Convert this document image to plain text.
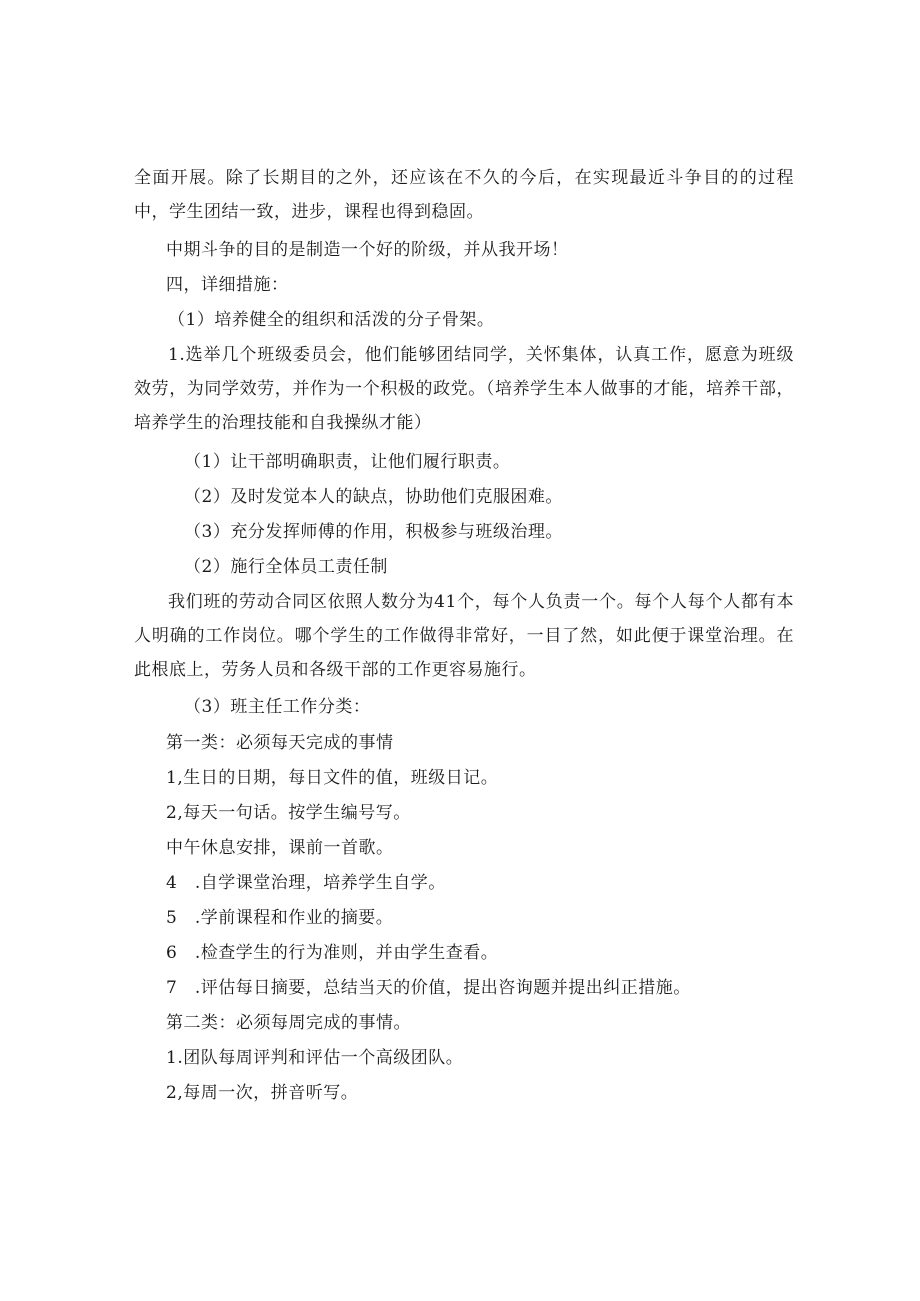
全面开展。除了长期目的之外，还应该在不久的今后，在实现最近斗争目的的过程中，学生团结一致，进步，课程也得到稳固。

中期斗争的目的是制造一个好的阶级，并从我开场！

四，详细措施：

（1）培养健全的组织和活泼的分子骨架。

1.选举几个班级委员会，他们能够团结同学，关怀集体，认真工作，愿意为班级效劳，为同学效劳，并作为一个积极的政党。（培养学生本人做事的才能，培养干部，培养学生的治理技能和自我操纵才能）

（1）让干部明确职责，让他们履行职责。

（2）及时发觉本人的缺点，协助他们克服困难。

（3）充分发挥师傅的作用，积极参与班级治理。

（2）施行全体员工责任制

我们班的劳动合同区依照人数分为41个，每个人负责一个。每个人每个人都有本人明确的工作岗位。哪个学生的工作做得非常好，一目了然，如此便于课堂治理。在此根底上，劳务人员和各级干部的工作更容易施行。

（3）班主任工作分类：

第一类：必须每天完成的事情

1,生日的日期，每日文件的值，班级日记。

2,每天一句话。按学生编号写。

中午休息安排，课前一首歌。

4　.自学课堂治理，培养学生自学。

5　.学前课程和作业的摘要。

6　.检查学生的行为准则，并由学生查看。

7　.评估每日摘要，总结当天的价值，提出咨询题并提出纠正措施。

第二类：必须每周完成的事情。

1.团队每周评判和评估一个高级团队。

2,每周一次，拼音听写。
